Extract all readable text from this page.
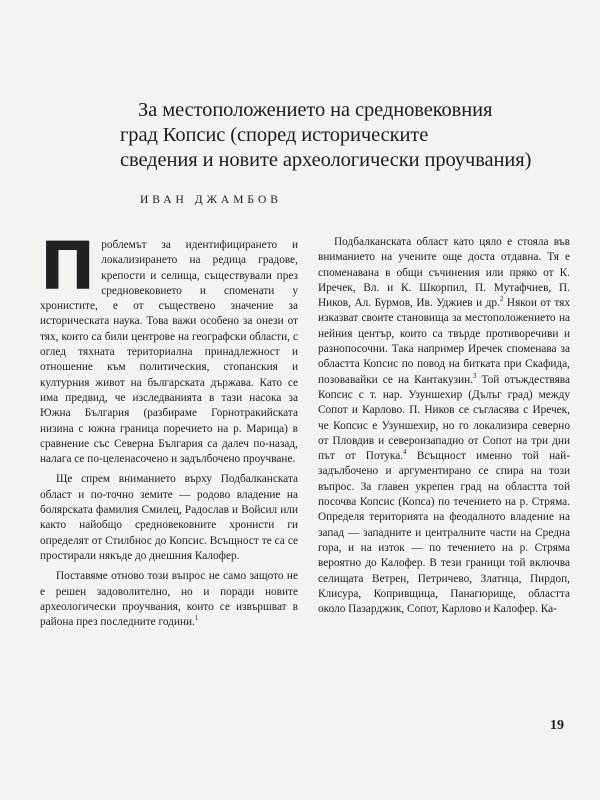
За местоположението на средновековния
град Копсис (според историческите
сведения и новите археологически проучвания)
ИВАН ДЖАМБОВ

Проблемът за идентифицирането и локализирането на редица градове, крепости и селища, съществували през средновековието и споменати у хронистите, е от съществено значение за историческата наука. Това важи особено за онези от тях, които са били центрове на географски области, с оглед тяхната териториална принадлежност и отношение към политическия, стопанския и културния живот на българската държава. Като се има предвид, че изследванията в тази насока за Южна България (разбираме Горнотракийската низина с южна граница поречието на р. Марица) в сравнение със Северна България са далеч по-назад, налага се по-целенасочено и задълбочено проучване.

Ще спрем вниманието върху Подбалканската област и по-точно земите — родово владение на болярската фамилия Смилец, Радослав и Войсил или както найобщо средновековните хронисти ги определят от Стилбнос до Копсис. Всъщност те са се простирали някъде до днешния Калофер.

Поставяме отново този въпрос не само защото не е решен задоволително, но и поради новите археологически проучвания, които се извършват в района през последните години.$^1$

Подбалканската област като цяло е стояла във вниманието на учените още доста отдавна. Тя е споменавана в общи съчинения или пряко от К. Иречек, Вл. и К. Шкорпил, П. Мутафчиев, П. Ников, Ал. Бурмов, Ив. Уджиев и др.$^2$ Някои от тях изказват своите становища за местоположението на нейния център, които са твърде противоречиви и разнопосочни. Така например Иречек споменава за областта Копсис по повод на битката при Скафида, позовавайки се на Кантакузин.$^3$ Той отъждествява Копсис с т. нар. Узуншехир (Дълъг град) между Сопот и Карлово. П. Ников се съгласява с Иречек, че Копсис е Узуншехир, но го локализира северно от Пловдив и североизападно от Сопот на три дни път от Потука.$^4$ Всъщност именно той най-задълбочено и аргументирано се спира на този въпрос. За главен укрепен град на областта той посочва Копсис (Копса) по течението на р. Стряма. Определя територията на феодалното владение на запад — западните и централните части на Средна гора, и на изток — по течението на р. Стряма вероятно до Калофер. В тези граници той включва селищата Ветрен, Петричево, Златица, Пирдоп, Клисура, Копривщица, Панагюрище, областта около Пазарджик, Сопот, Карлово и Калофер. Ка-

19
